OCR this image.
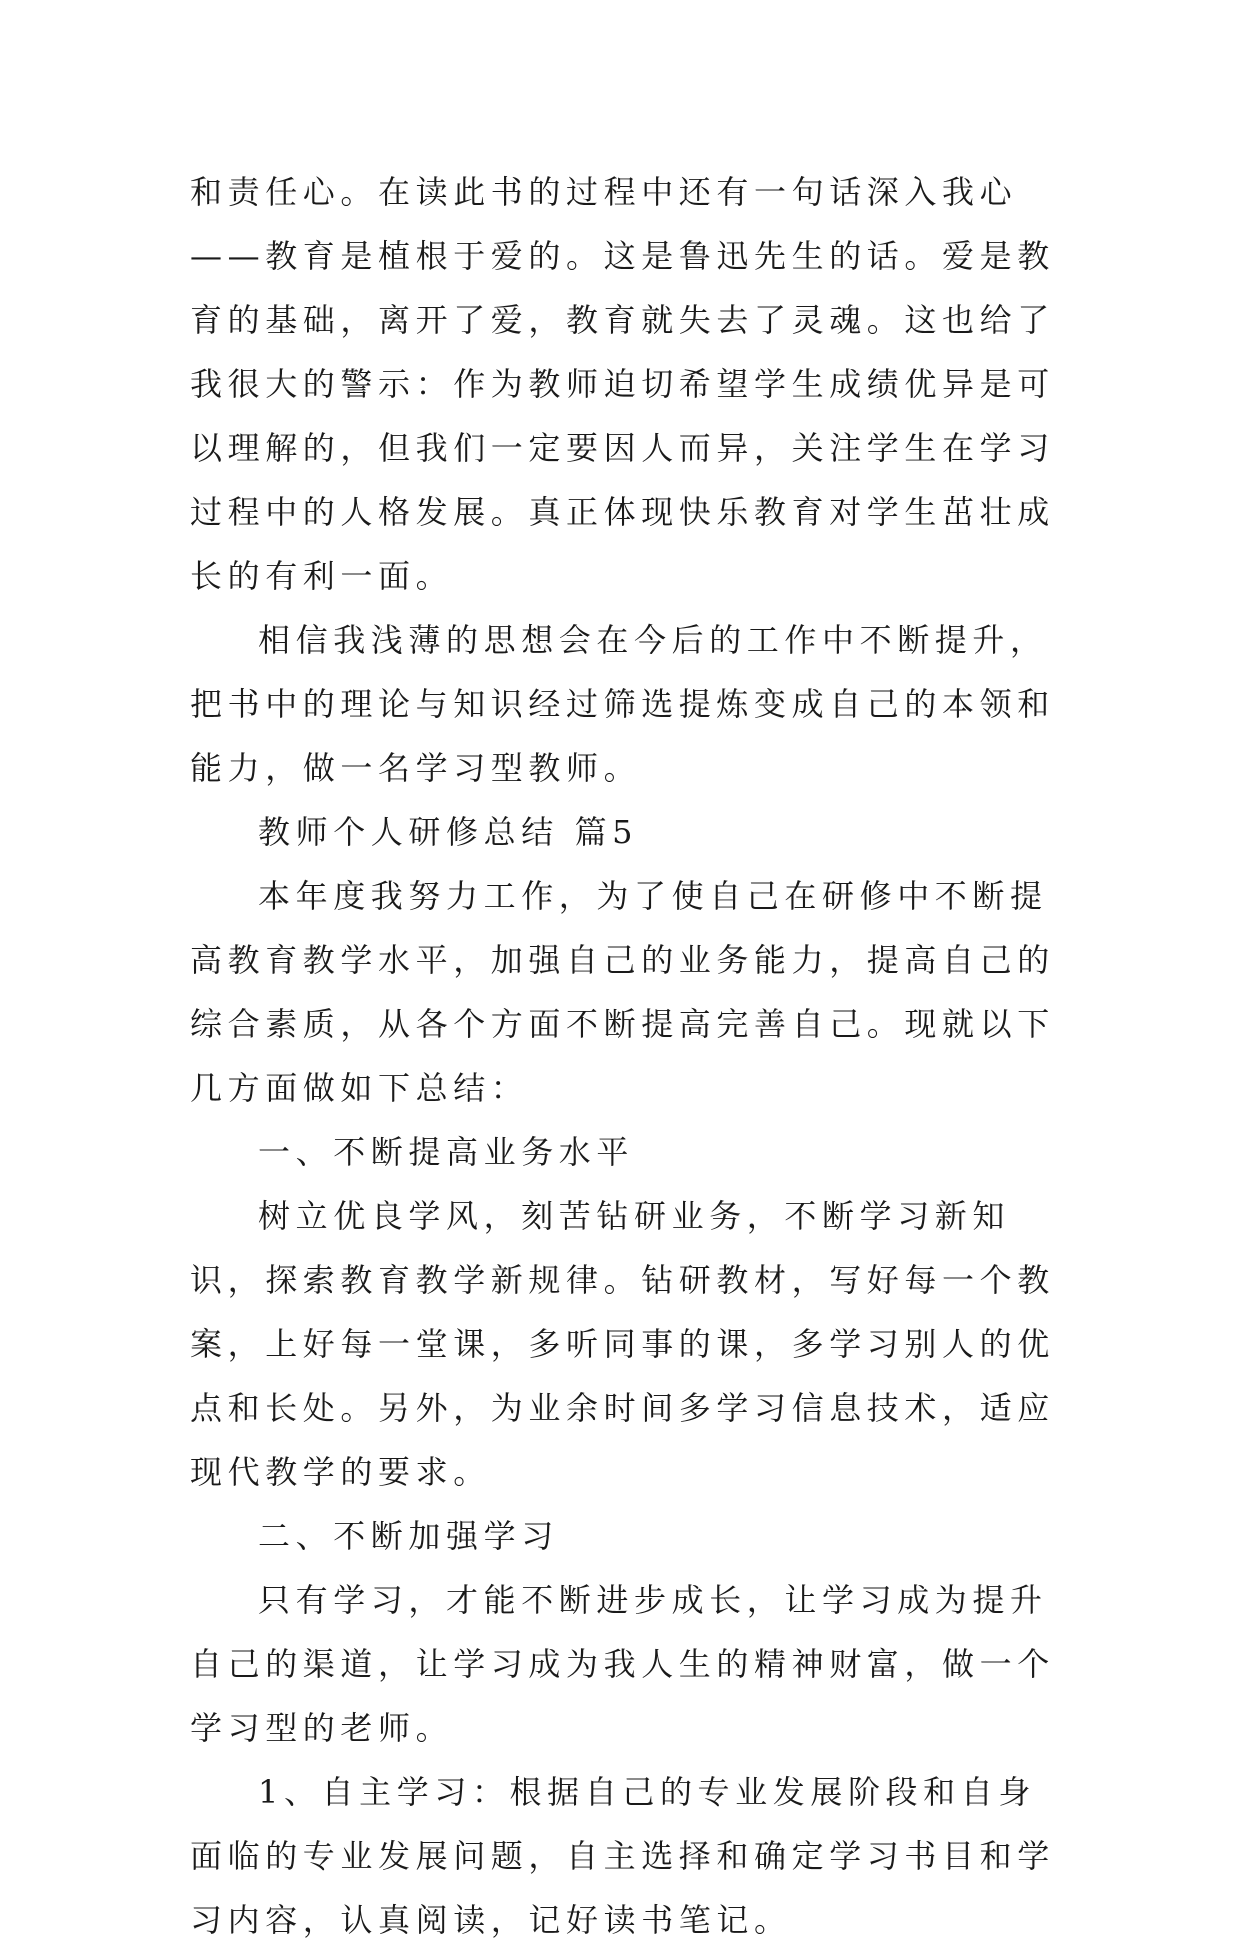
和责任心。在读此书的过程中还有一句话深入我心——教育是植根于爱的。这是鲁迅先生的话。爱是教育的基础，离开了爱，教育就失去了灵魂。这也给了我很大的警示：作为教师迫切希望学生成绩优异是可以理解的，但我们一定要因人而异，关注学生在学习过程中的人格发展。真正体现快乐教育对学生茁壮成长的有利一面。

相信我浅薄的思想会在今后的工作中不断提升，把书中的理论与知识经过筛选提炼变成自己的本领和能力，做一名学习型教师。

教师个人研修总结 篇5

本年度我努力工作，为了使自己在研修中不断提高教育教学水平，加强自己的业务能力，提高自己的综合素质，从各个方面不断提高完善自己。现就以下几方面做如下总结：

一、不断提高业务水平

树立优良学风，刻苦钻研业务，不断学习新知识，探索教育教学新规律。钻研教材，写好每一个教案，上好每一堂课，多听同事的课，多学习别人的优点和长处。另外，为业余时间多学习信息技术，适应现代教学的要求。

二、不断加强学习

只有学习，才能不断进步成长，让学习成为提升自己的渠道，让学习成为我人生的精神财富，做一个学习型的老师。

1、自主学习：根据自己的专业发展阶段和自身面临的专业发展问题，自主选择和确定学习书目和学习内容，认真阅读，记好读书笔记。
